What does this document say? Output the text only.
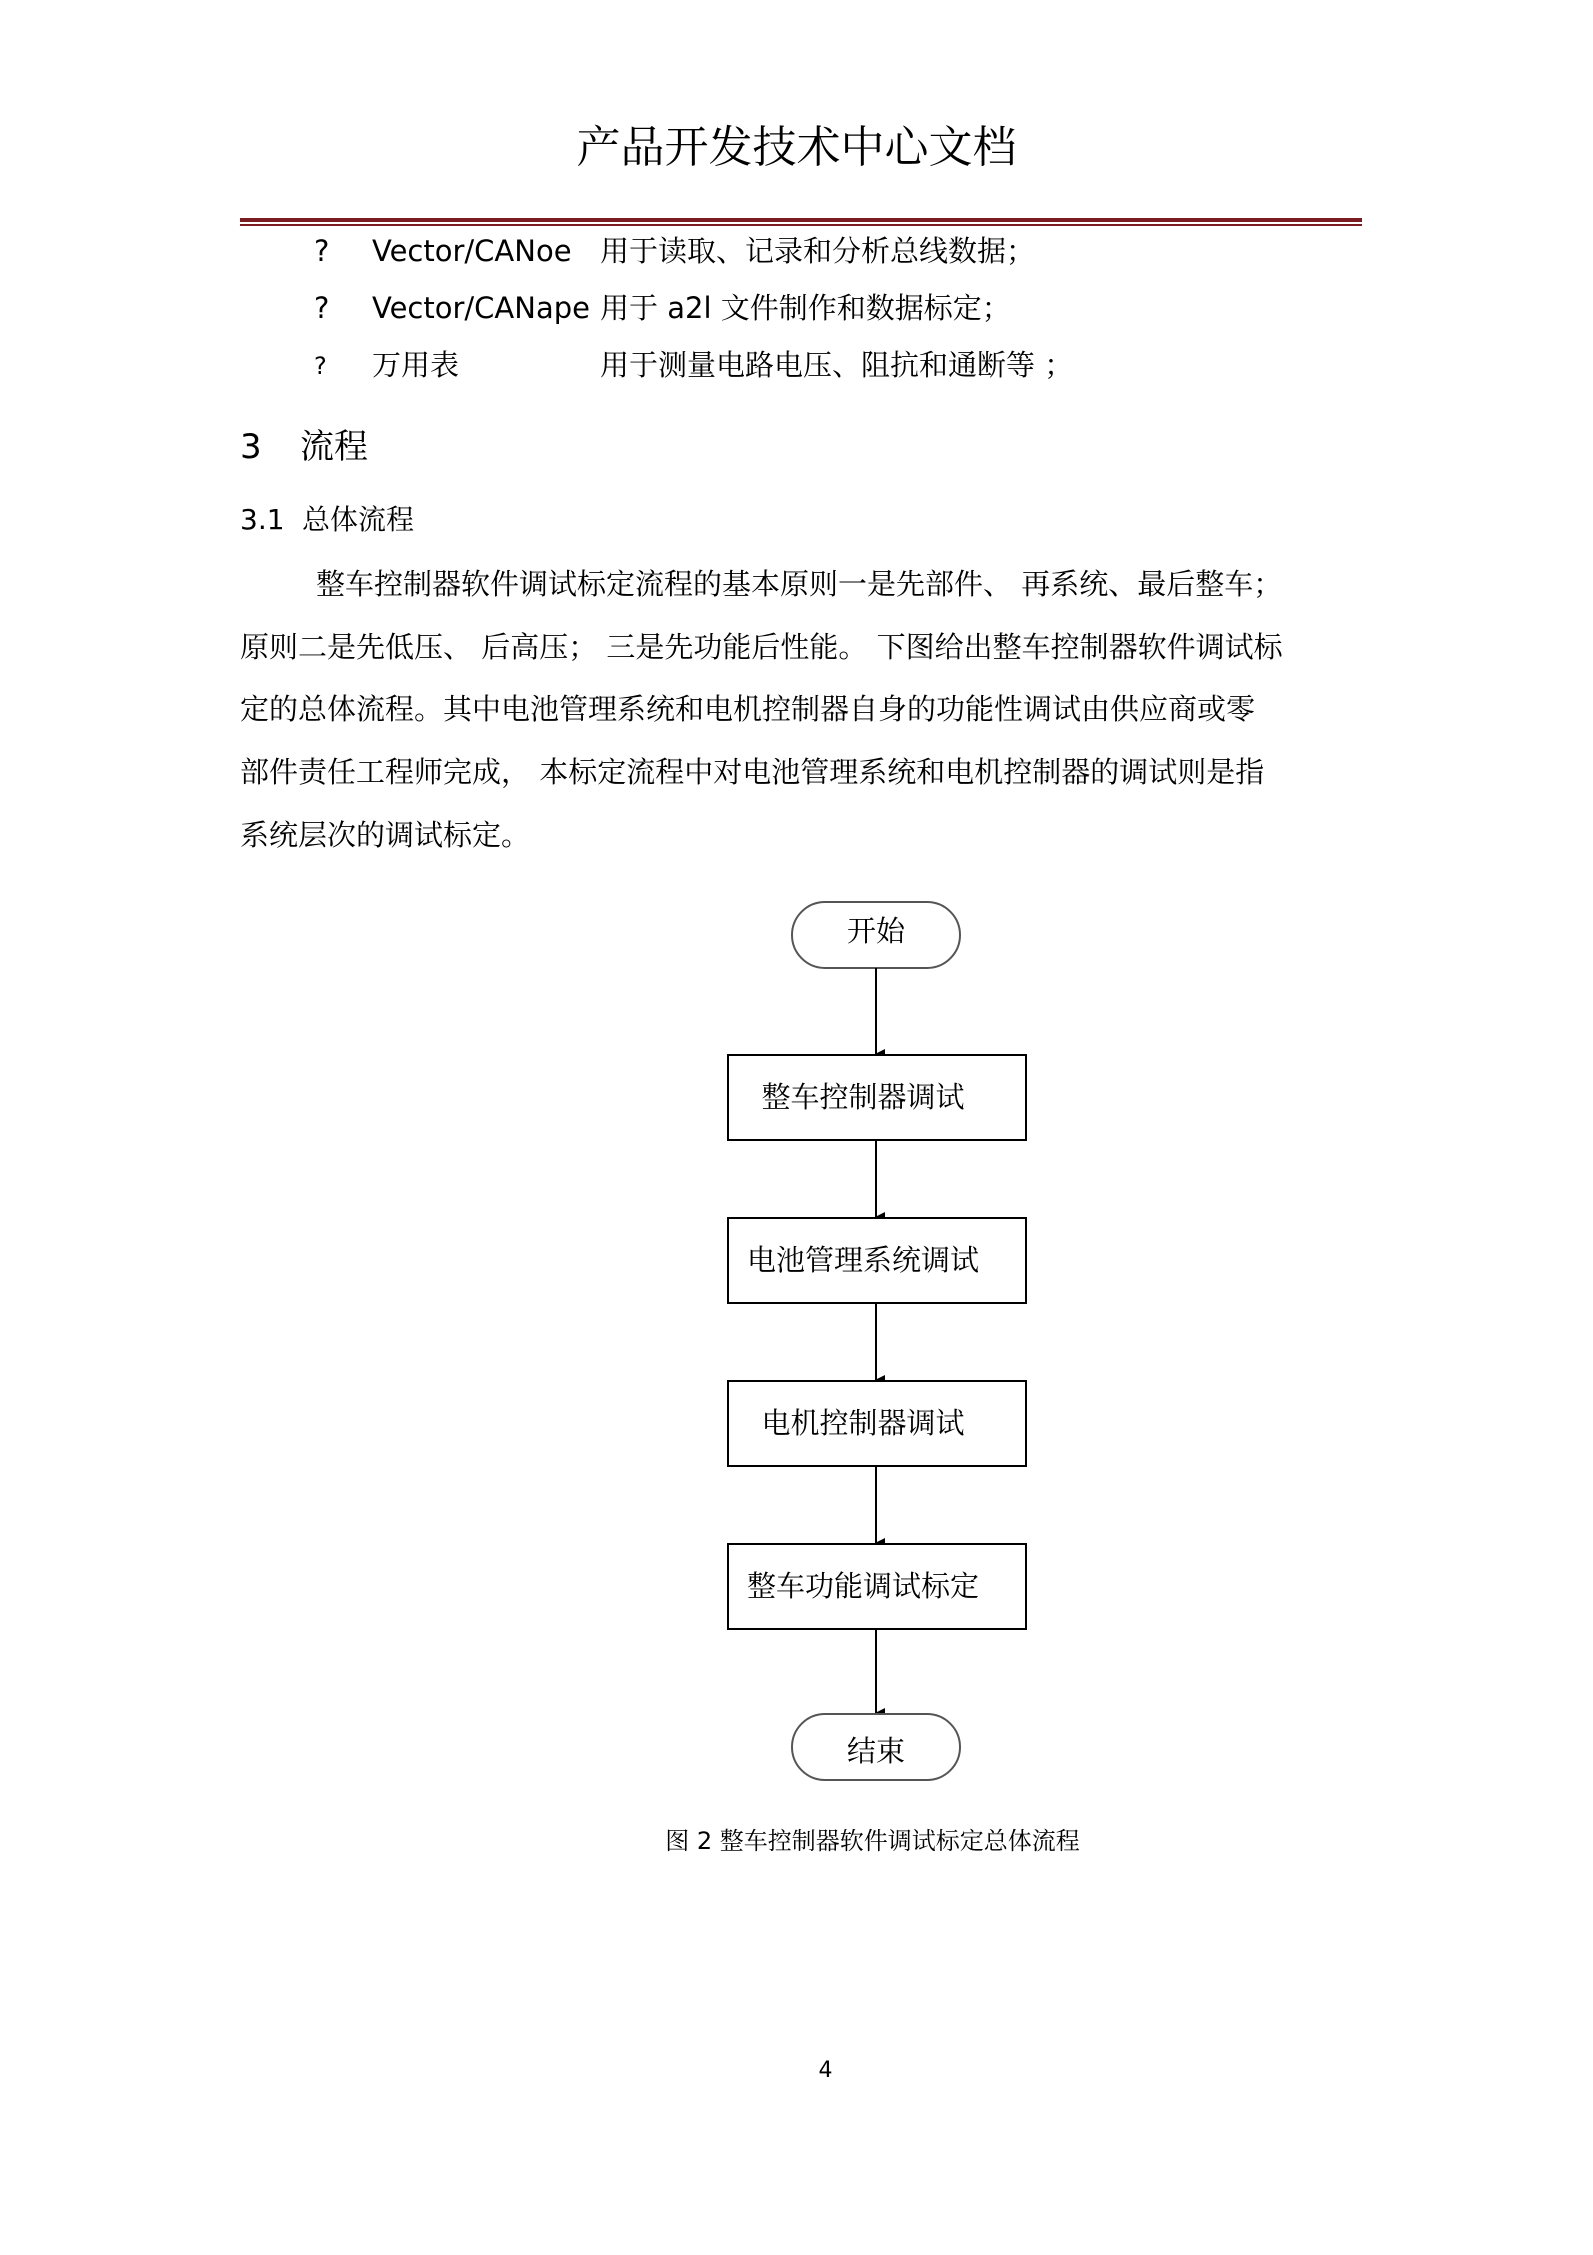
产品开发技术中心文档
? Vector/CANoe 用于读取、记录和分析总线数据；
? Vector/CANape 用于 a2l 文件制作和数据标定；
? 万用表	用于测量电路电压、阻抗和通断等 ；
3 流程
3.1 总体流程
整车控制器软件调试标定流程的基本原则一是先部件、 再系统、最后整车；
原则二是先低压、 后高压； 三是先功能后性能。 下图给出整车控制器软件调试标
定的总体流程。其中电池管理系统和电机控制器自身的功能性调试由供应商或零
部件责任工程师完成， 本标定流程中对电池管理系统和电机控制器的调试则是指
系统层次的调试标定。
开始
整车控制器调试
电池管理系统调试
电机控制器调试
整车功能调试标定
结束
图 2 整车控制器软件调试标定总体流程
4
